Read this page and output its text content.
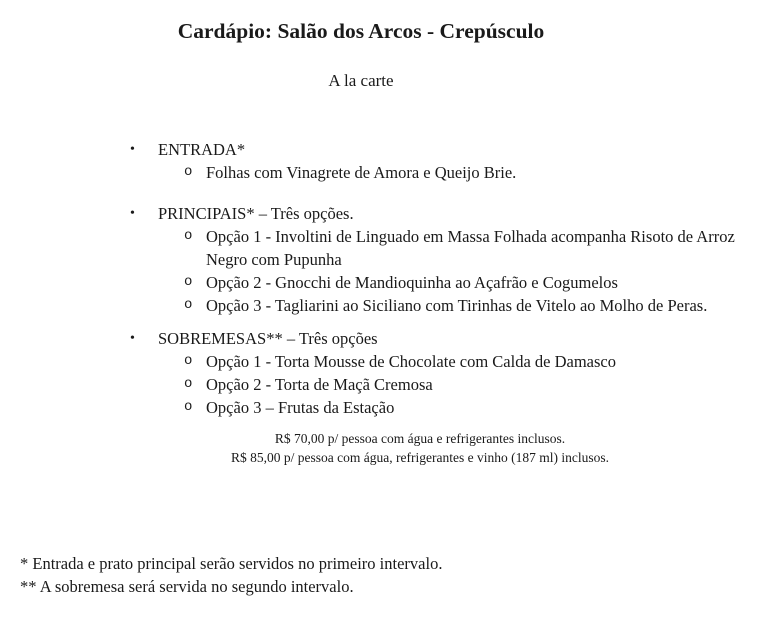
Cardápio: Salão dos Arcos - Crepúsculo
A la carte
•	ENTRADA*
o Folhas com Vinagrete de Amora e Queijo Brie.
•	PRINCIPAIS* – Três opções.
o Opção 1 - Involtini de Linguado em Massa Folhada acompanha Risoto de Arroz Negro com Pupunha
o Opção 2 - Gnocchi de Mandioquinha ao Açafrão e Cogumelos
o Opção 3 - Tagliarini ao Siciliano com Tirinhas de Vitelo ao Molho de Peras.
•	SOBREMESAS** – Três opções
o Opção 1 - Torta Mousse de Chocolate com Calda de Damasco
o Opção 2 - Torta de Maçã Cremosa
o Opção 3 – Frutas da Estação
R$ 70,00 p/ pessoa com água e refrigerantes inclusos.
R$ 85,00 p/ pessoa com água, refrigerantes e vinho (187 ml) inclusos.
* Entrada e prato principal serão servidos no primeiro intervalo.
** A sobremesa será servida no segundo intervalo.
